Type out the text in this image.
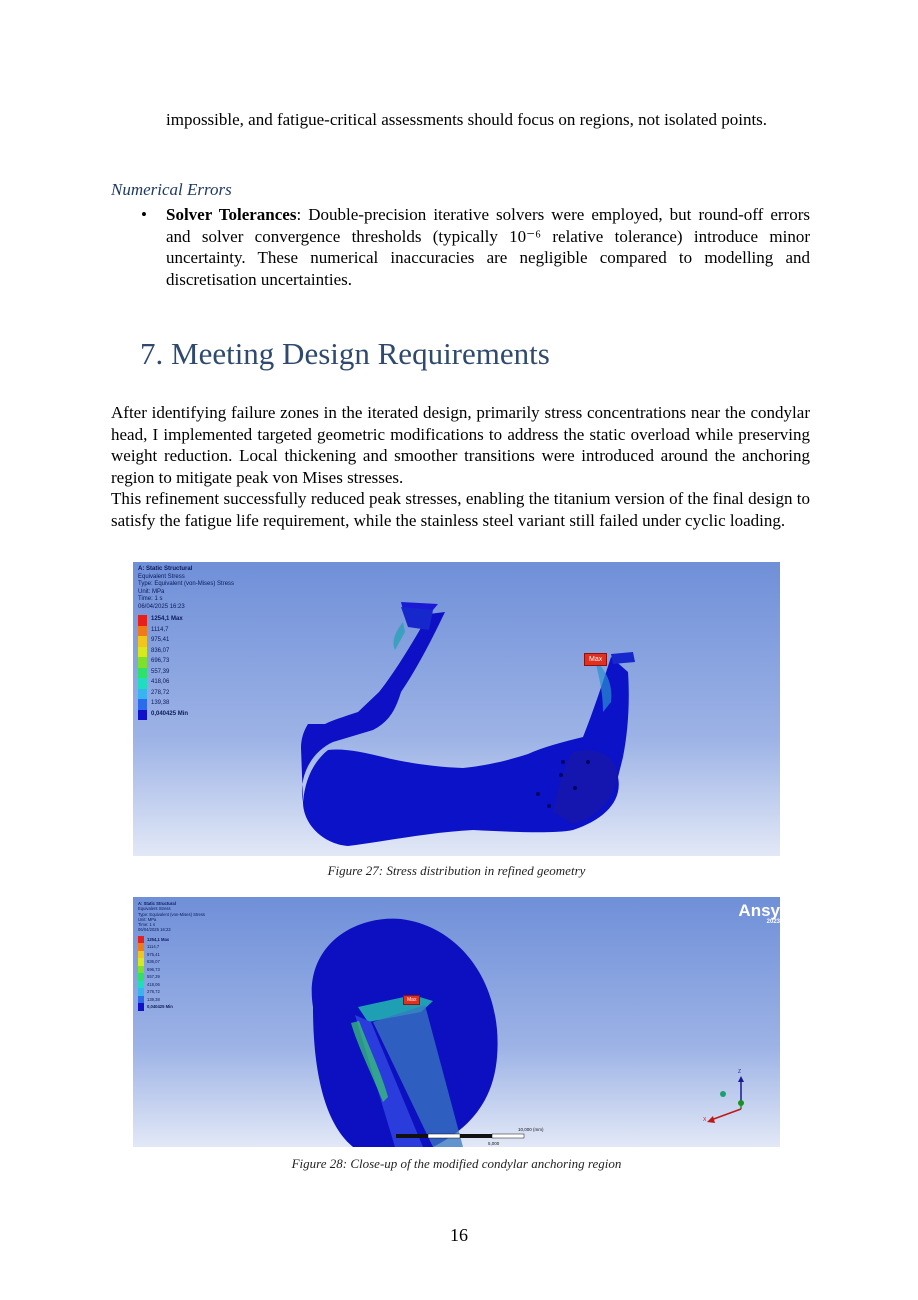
impossible, and fatigue-critical assessments should focus on regions, not isolated points.
Numerical Errors
•	Solver Tolerances: Double-precision iterative solvers were employed, but round-off errors and solver convergence thresholds (typically 10⁻⁶ relative tolerance) introduce minor uncertainty. These numerical inaccuracies are negligible compared to modelling and discretisation uncertainties.
7. Meeting Design Requirements
After identifying failure zones in the iterated design, primarily stress concentrations near the condylar head, I implemented targeted geometric modifications to address the static overload while preserving weight reduction. Local thickening and smoother transitions were introduced around the anchoring region to mitigate peak von Mises stresses.
This refinement successfully reduced peak stresses, enabling the titanium version of the final design to satisfy the fatigue life requirement, while the stainless steel variant still failed under cyclic loading.
A: Static Structural
Equivalent Stress
Type: Equivalent (von-Mises) Stress
Unit: MPa
Time: 1 s
06/04/2025 16:23
1254,1 Max
1114,7
975,41
836,07
696,73
557,39
418,06
278,72
139,38
0,040425 Min
Max
Figure 27: Stress distribution in refined geometry
A: Static Structural
Equivalent Stress
Type: Equivalent (von-Mises) Stress
Unit: MPa
Time: 1 s
06/04/2025 16:23
1254,1 Max
1114,7
975,41
836,07
696,73
557,39
418,06
278,72
139,38
0,040425 Min
Ansy
2023
Max
10,000 (mm)
5,000
Z
X
Figure 28: Close-up of the modified condylar anchoring region
16
